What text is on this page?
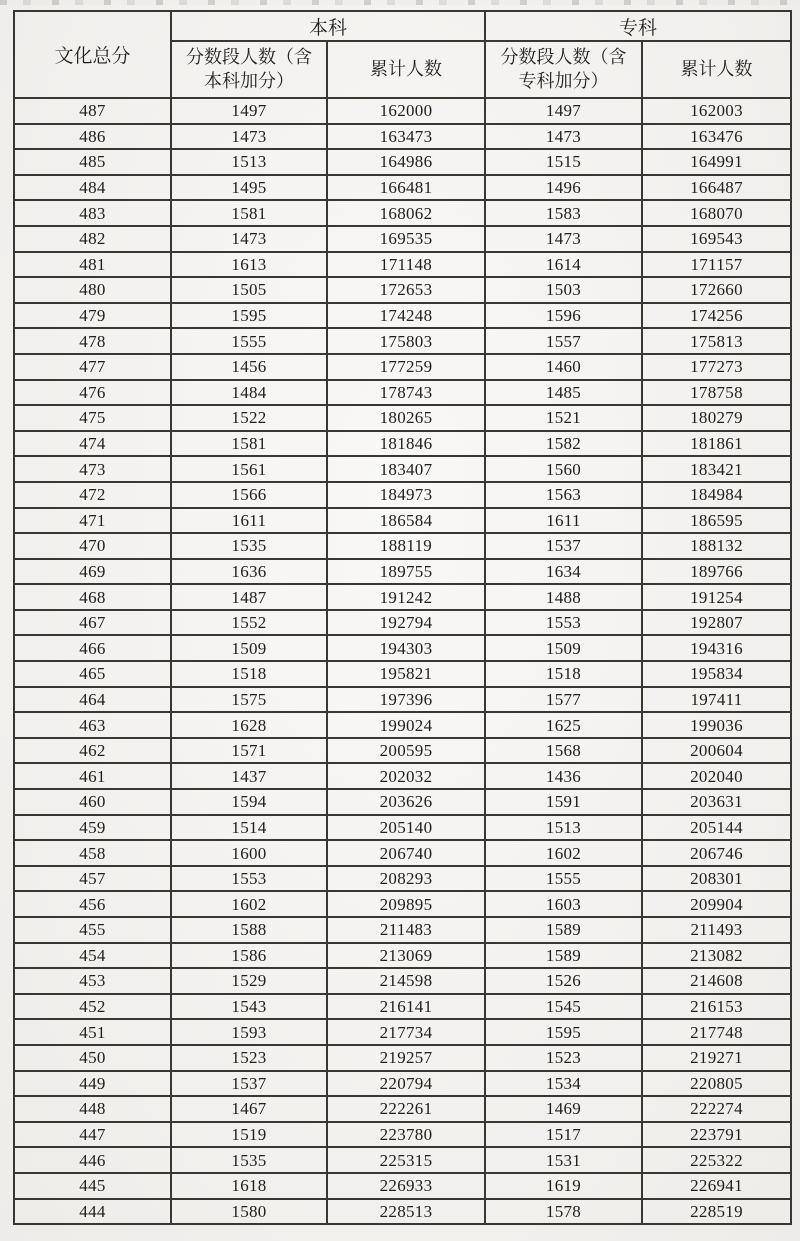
文化总分	本科		专科	
	分数段人数（含本科加分）	累计人数	分数段人数（含专科加分）	累计人数
487	1497	162000	1497	162003
486	1473	163473	1473	163476
485	1513	164986	1515	164991
484	1495	166481	1496	166487
483	1581	168062	1583	168070
482	1473	169535	1473	169543
481	1613	171148	1614	171157
480	1505	172653	1503	172660
479	1595	174248	1596	174256
478	1555	175803	1557	175813
477	1456	177259	1460	177273
476	1484	178743	1485	178758
475	1522	180265	1521	180279
474	1581	181846	1582	181861
473	1561	183407	1560	183421
472	1566	184973	1563	184984
471	1611	186584	1611	186595
470	1535	188119	1537	188132
469	1636	189755	1634	189766
468	1487	191242	1488	191254
467	1552	192794	1553	192807
466	1509	194303	1509	194316
465	1518	195821	1518	195834
464	1575	197396	1577	197411
463	1628	199024	1625	199036
462	1571	200595	1568	200604
461	1437	202032	1436	202040
460	1594	203626	1591	203631
459	1514	205140	1513	205144
458	1600	206740	1602	206746
457	1553	208293	1555	208301
456	1602	209895	1603	209904
455	1588	211483	1589	211493
454	1586	213069	1589	213082
453	1529	214598	1526	214608
452	1543	216141	1545	216153
451	1593	217734	1595	217748
450	1523	219257	1523	219271
449	1537	220794	1534	220805
448	1467	222261	1469	222274
447	1519	223780	1517	223791
446	1535	225315	1531	225322
445	1618	226933	1619	226941
444	1580	228513	1578	228519
